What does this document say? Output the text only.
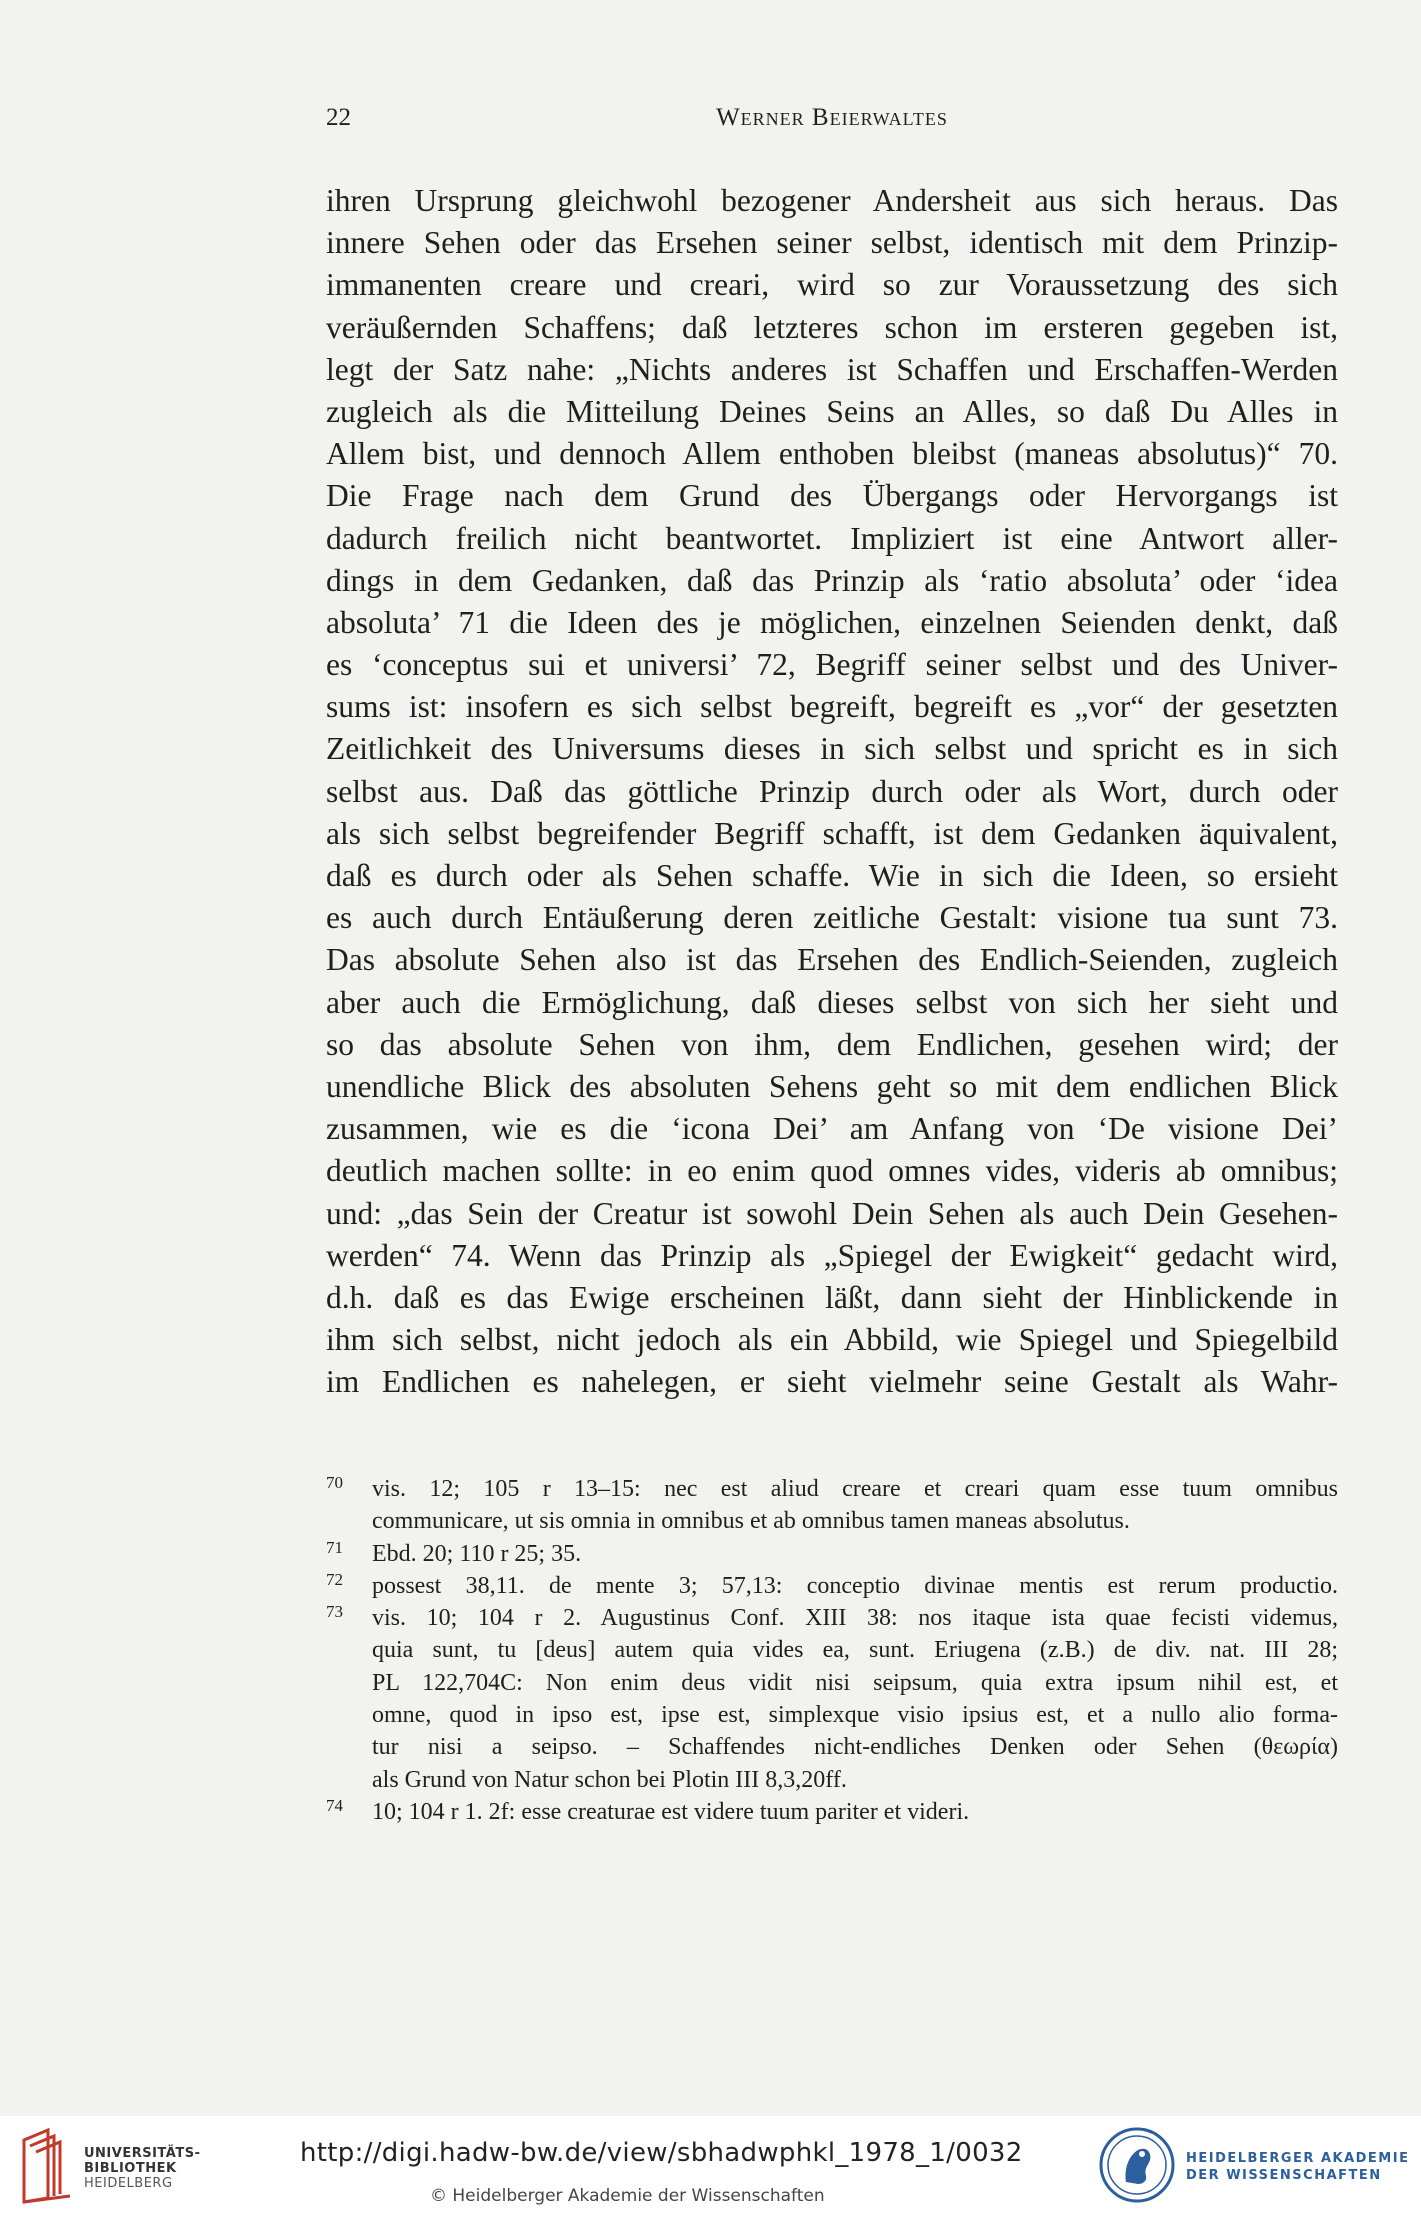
22	Werner Beierwaltes
ihren Ursprung gleichwohl bezogener Andersheit aus sich heraus. Das
innere Sehen oder das Ersehen seiner selbst, identisch mit dem Prinzip-
immanenten creare und creari, wird so zur Voraussetzung des sich
veräußernden Schaffens; daß letzteres schon im ersteren gegeben ist,
legt der Satz nahe: „Nichts anderes ist Schaffen und Erschaffen-Werden
zugleich als die Mitteilung Deines Seins an Alles, so daß Du Alles in
Allem bist, und dennoch Allem enthoben bleibst (maneas absolutus)“ 70.
Die Frage nach dem Grund des Übergangs oder Hervorgangs ist
dadurch freilich nicht beantwortet. Impliziert ist eine Antwort aller-
dings in dem Gedanken, daß das Prinzip als ‘ratio absoluta’ oder ‘idea
absoluta’ 71 die Ideen des je möglichen, einzelnen Seienden denkt, daß
es ‘conceptus sui et universi’ 72, Begriff seiner selbst und des Univer-
sums ist: insofern es sich selbst begreift, begreift es „vor“ der gesetzten
Zeitlichkeit des Universums dieses in sich selbst und spricht es in sich
selbst aus. Daß das göttliche Prinzip durch oder als Wort, durch oder
als sich selbst begreifender Begriff schafft, ist dem Gedanken äquivalent,
daß es durch oder als Sehen schaffe. Wie in sich die Ideen, so ersieht
es auch durch Entäußerung deren zeitliche Gestalt: visione tua sunt 73.
Das absolute Sehen also ist das Ersehen des Endlich-Seienden, zugleich
aber auch die Ermöglichung, daß dieses selbst von sich her sieht und
so das absolute Sehen von ihm, dem Endlichen, gesehen wird; der
unendliche Blick des absoluten Sehens geht so mit dem endlichen Blick
zusammen, wie es die ‘icona Dei’ am Anfang von ‘De visione Dei’
deutlich machen sollte: in eo enim quod omnes vides, videris ab omnibus;
und: „das Sein der Creatur ist sowohl Dein Sehen als auch Dein Gesehen-
werden“ 74. Wenn das Prinzip als „Spiegel der Ewigkeit“ gedacht wird,
d.h. daß es das Ewige erscheinen läßt, dann sieht der Hinblickende in
ihm sich selbst, nicht jedoch als ein Abbild, wie Spiegel und Spiegelbild
im Endlichen es nahelegen, er sieht vielmehr seine Gestalt als Wahr-
70	vis. 12; 105 r 13–15: nec est aliud creare et creari quam esse tuum omnibus
communicare, ut sis omnia in omnibus et ab omnibus tamen maneas absolutus.
71	Ebd. 20; 110 r 25; 35.
72	possest 38,11. de mente 3; 57,13: conceptio divinae mentis est rerum productio.
73	vis. 10; 104 r 2. Augustinus Conf. XIII 38: nos itaque ista quae fecisti videmus,
quia sunt, tu [deus] autem quia vides ea, sunt. Eriugena (z.B.) de div. nat. III 28;
PL 122,704C: Non enim deus vidit nisi seipsum, quia extra ipsum nihil est, et
omne, quod in ipso est, ipse est, simplexque visio ipsius est, et a nullo alio forma-
tur nisi a seipso. – Schaffendes nicht-endliches Denken oder Sehen (θεωρία)
als Grund von Natur schon bei Plotin III 8,3,20ff.
74	10; 104 r 1. 2f: esse creaturae est videre tuum pariter et videri.
UNIVERSITÄTS-
BIBLIOTHEK
HEIDELBERG
http://digi.hadw-bw.de/view/sbhadwphkl_1978_1/0032
© Heidelberger Akademie der Wissenschaften
HEIDELBERGER AKADEMIE
DER WISSENSCHAFTEN
